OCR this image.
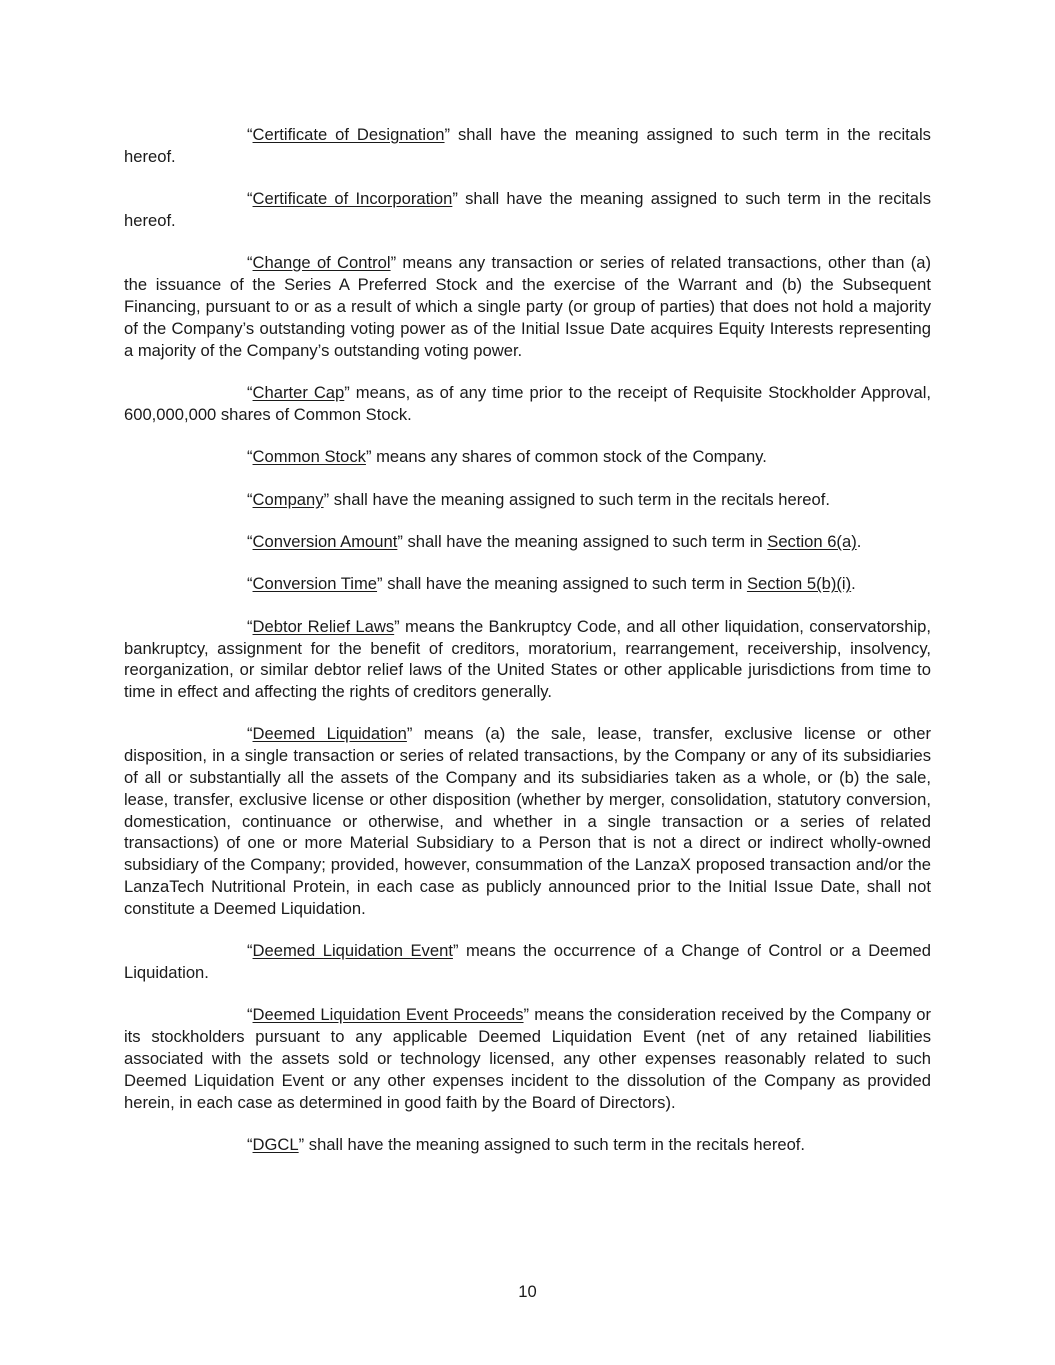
“Certificate of Designation” shall have the meaning assigned to such term in the recitals hereof.

“Certificate of Incorporation” shall have the meaning assigned to such term in the recitals hereof.

“Change of Control” means any transaction or series of related transactions, other than (a) the issuance of the Series A Preferred Stock and the exercise of the Warrant and (b) the Subsequent Financing, pursuant to or as a result of which a single party (or group of parties) that does not hold a majority of the Company’s outstanding voting power as of the Initial Issue Date acquires Equity Interests representing a majority of the Company’s outstanding voting power.

“Charter Cap” means, as of any time prior to the receipt of Requisite Stockholder Approval, 600,000,000 shares of Common Stock.

“Common Stock” means any shares of common stock of the Company.

“Company” shall have the meaning assigned to such term in the recitals hereof.

“Conversion Amount” shall have the meaning assigned to such term in Section 6(a).

“Conversion Time” shall have the meaning assigned to such term in Section 5(b)(i).

“Debtor Relief Laws” means the Bankruptcy Code, and all other liquidation, conservatorship, bankruptcy, assignment for the benefit of creditors, moratorium, rearrangement, receivership, insolvency, reorganization, or similar debtor relief laws of the United States or other applicable jurisdictions from time to time in effect and affecting the rights of creditors generally.

“Deemed Liquidation” means (a) the sale, lease, transfer, exclusive license or other disposition, in a single transaction or series of related transactions, by the Company or any of its subsidiaries of all or substantially all the assets of the Company and its subsidiaries taken as a whole, or (b) the sale, lease, transfer, exclusive license or other disposition (whether by merger, consolidation, statutory conversion, domestication, continuance or otherwise, and whether in a single transaction or a series of related transactions) of one or more Material Subsidiary to a Person that is not a direct or indirect wholly-owned subsidiary of the Company; provided, however, consummation of the LanzaX proposed transaction and/or the LanzaTech Nutritional Protein, in each case as publicly announced prior to the Initial Issue Date, shall not constitute a Deemed Liquidation.

“Deemed Liquidation Event” means the occurrence of a Change of Control or a Deemed Liquidation.

“Deemed Liquidation Event Proceeds” means the consideration received by the Company or its stockholders pursuant to any applicable Deemed Liquidation Event (net of any retained liabilities associated with the assets sold or technology licensed, any other expenses reasonably related to such Deemed Liquidation Event or any other expenses incident to the dissolution of the Company as provided herein, in each case as determined in good faith by the Board of Directors).

“DGCL” shall have the meaning assigned to such term in the recitals hereof.

10
